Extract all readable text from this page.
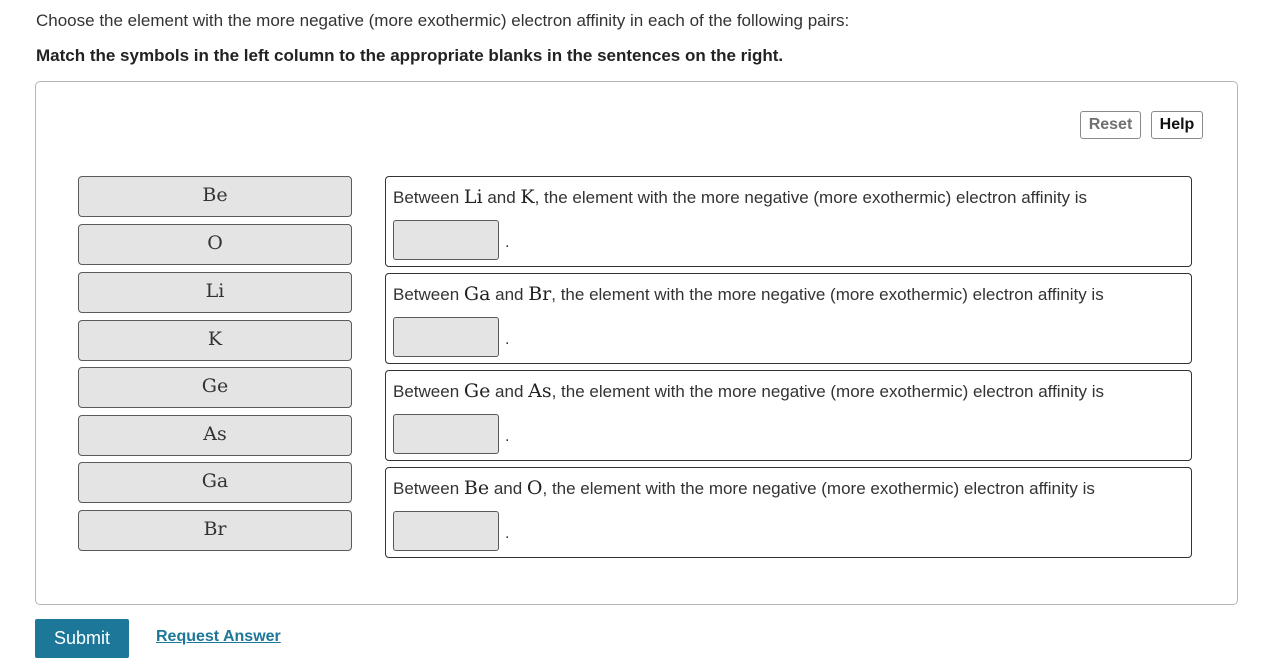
Choose the element with the more negative (more exothermic) electron affinity in each of the following pairs:
Match the symbols in the left column to the appropriate blanks in the sentences on the right.
Reset	Help
Be
O
Li
K
Ge
As
Ga
Br
Between Li and K, the element with the more negative (more exothermic) electron affinity is
.
Between Ga and Br, the element with the more negative (more exothermic) electron affinity is
.
Between Ge and As, the element with the more negative (more exothermic) electron affinity is
.
Between Be and O, the element with the more negative (more exothermic) electron affinity is
.
Submit	Request Answer
